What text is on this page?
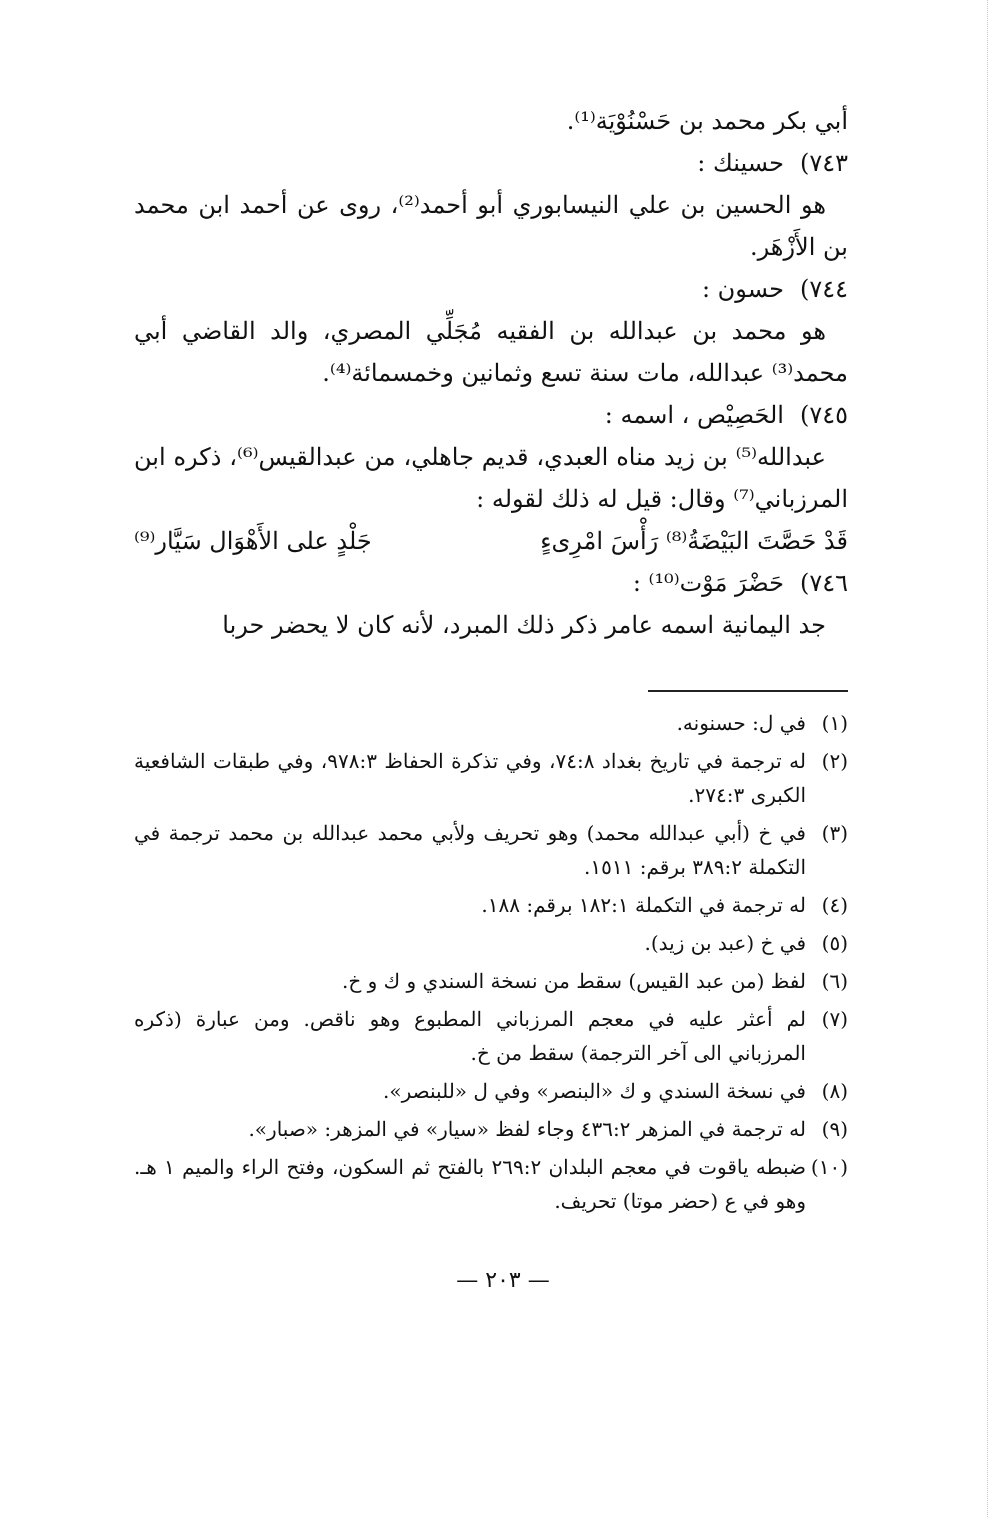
أبي بكر محمد بن حَسْنُوْيَة⁽¹⁾.

٧٤٣)حسينك :

هو الحسين بن علي النيسابوري أبو أحمد⁽²⁾، روى عن أحمد ابن محمد بن الأَزْهَر.

٧٤٤)حسون :

هو محمد بن عبدالله بن الفقيه مُجَلِّي المصري، والد القاضي أبي محمد⁽³⁾ عبدالله، مات سنة تسع وثمانين وخمسمائة⁽⁴⁾.

٧٤٥)الحَصِيْص ، اسمه :

عبدالله⁽⁵⁾ بن زيد مناه العبدي، قديم جاهلي، من عبدالقيس⁽⁶⁾، ذكره ابن المرزباني⁽⁷⁾ وقال: قيل له ذلك لقوله :

قَدْ حَصَّتَ البَيْضَةُ⁽⁸⁾ رَأْسَ امْرِىءٍ
جَلْدٍ على الأَهْوَال سَيَّار⁽⁹⁾

٧٤٦)حَضْرَ مَوْت⁽¹⁰⁾ :

جد اليمانية اسمه عامر ذكر ذلك المبرد، لأنه كان لا يحضر حربا

(١)
في ل: حسنونه.

(٢)
له ترجمة في تاريخ بغداد ٧٤:٨، وفي تذكرة الحفاظ ٩٧٨:٣، وفي طبقات الشافعية الكبرى ٢٧٤:٣.

(٣)
في خ (أبي عبدالله محمد) وهو تحريف ولأبي محمد عبدالله بن محمد ترجمة في التكملة ٣٨٩:٢ برقم: ١٥١١.

(٤)
له ترجمة في التكملة ١٨٢:١ برقم: ١٨٨.

(٥)
في خ (عبد بن زيد).

(٦)
لفظ (من عبد القيس) سقط من نسخة السندي و ك و خ.

(٧)
لم أعثر عليه في معجم المرزباني المطبوع وهو ناقص. ومن عبارة (ذكره المرزباني الى آخر الترجمة) سقط من خ.

(٨)
في نسخة السندي و ك «البنصر» وفي ل «للبنصر».

(٩)
له ترجمة في المزهر ٤٣٦:٢ وجاء لفظ «سيار» في المزهر: «صبار».

(١٠)
ضبطه ياقوت في معجم البلدان ٢٦٩:٢ بالفتح ثم السكون، وفتح الراء والميم ١ هـ. وهو في ع (حضر موتا) تحريف.

— ٢٠٣ —
